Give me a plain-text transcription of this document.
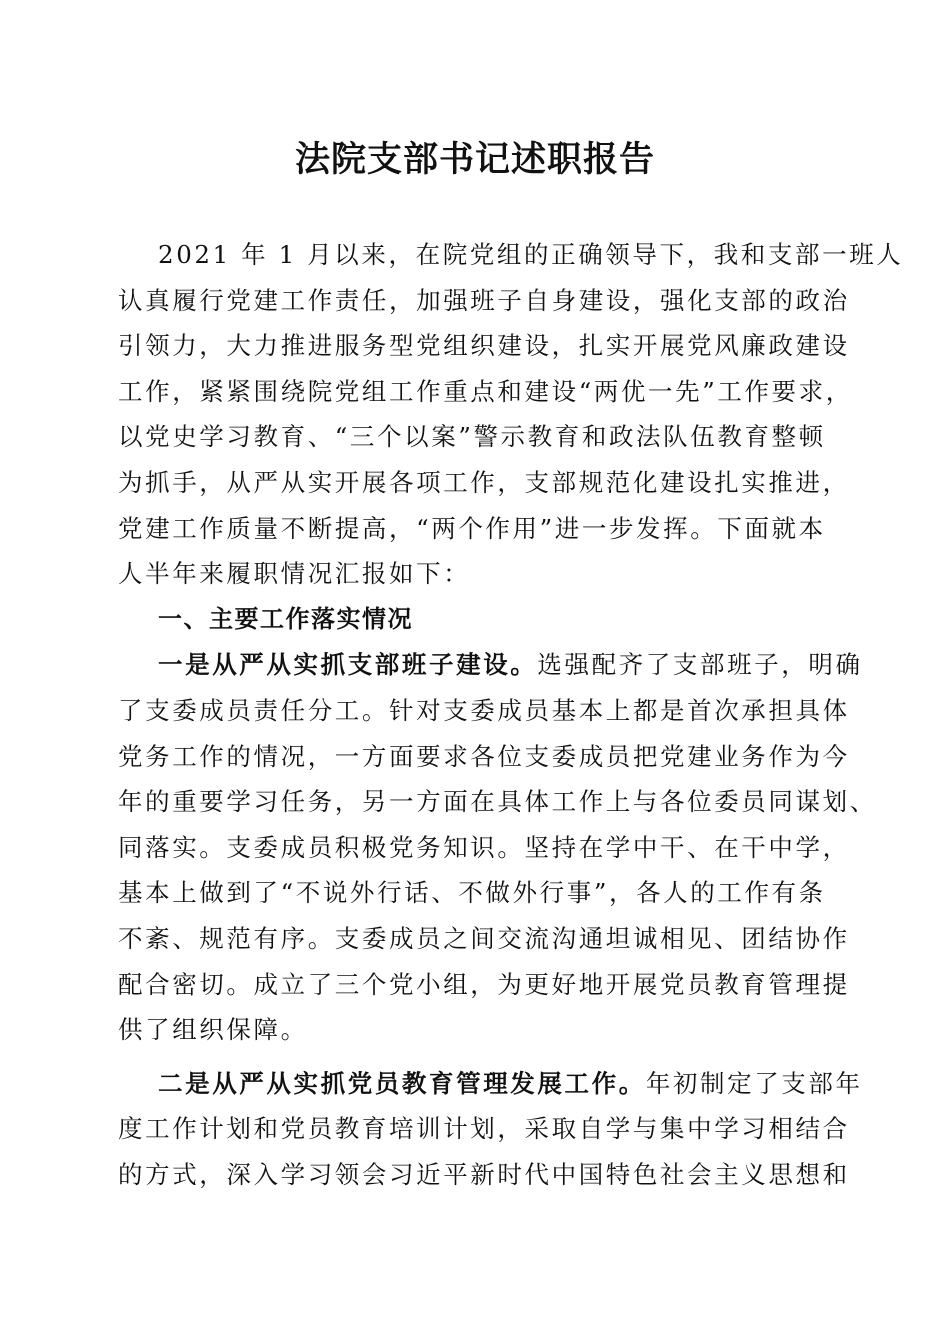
法院支部书记述职报告
2021 年 1 月以来，在院党组的正确领导下，我和支部一班人
认真履行党建工作责任，加强班子自身建设，强化支部的政治
引领力，大力推进服务型党组织建设，扎实开展党风廉政建设
工作，紧紧围绕院党组工作重点和建设“两优一先”工作要求，
以党史学习教育、“三个以案”警示教育和政法队伍教育整顿
为抓手，从严从实开展各项工作，支部规范化建设扎实推进，
党建工作质量不断提高，“两个作用”进一步发挥。下面就本
人半年来履职情况汇报如下：
一、主要工作落实情况
一是从严从实抓支部班子建设。选强配齐了支部班子，明确
了支委成员责任分工。针对支委成员基本上都是首次承担具体
党务工作的情况，一方面要求各位支委成员把党建业务作为今
年的重要学习任务，另一方面在具体工作上与各位委员同谋划、
同落实。支委成员积极党务知识。坚持在学中干、在干中学，
基本上做到了“不说外行话、不做外行事”，各人的工作有条
不紊、规范有序。支委成员之间交流沟通坦诚相见、团结协作
配合密切。成立了三个党小组，为更好地开展党员教育管理提
供了组织保障。
二是从严从实抓党员教育管理发展工作。年初制定了支部年
度工作计划和党员教育培训计划，采取自学与集中学习相结合
的方式，深入学习领会习近平新时代中国特色社会主义思想和
